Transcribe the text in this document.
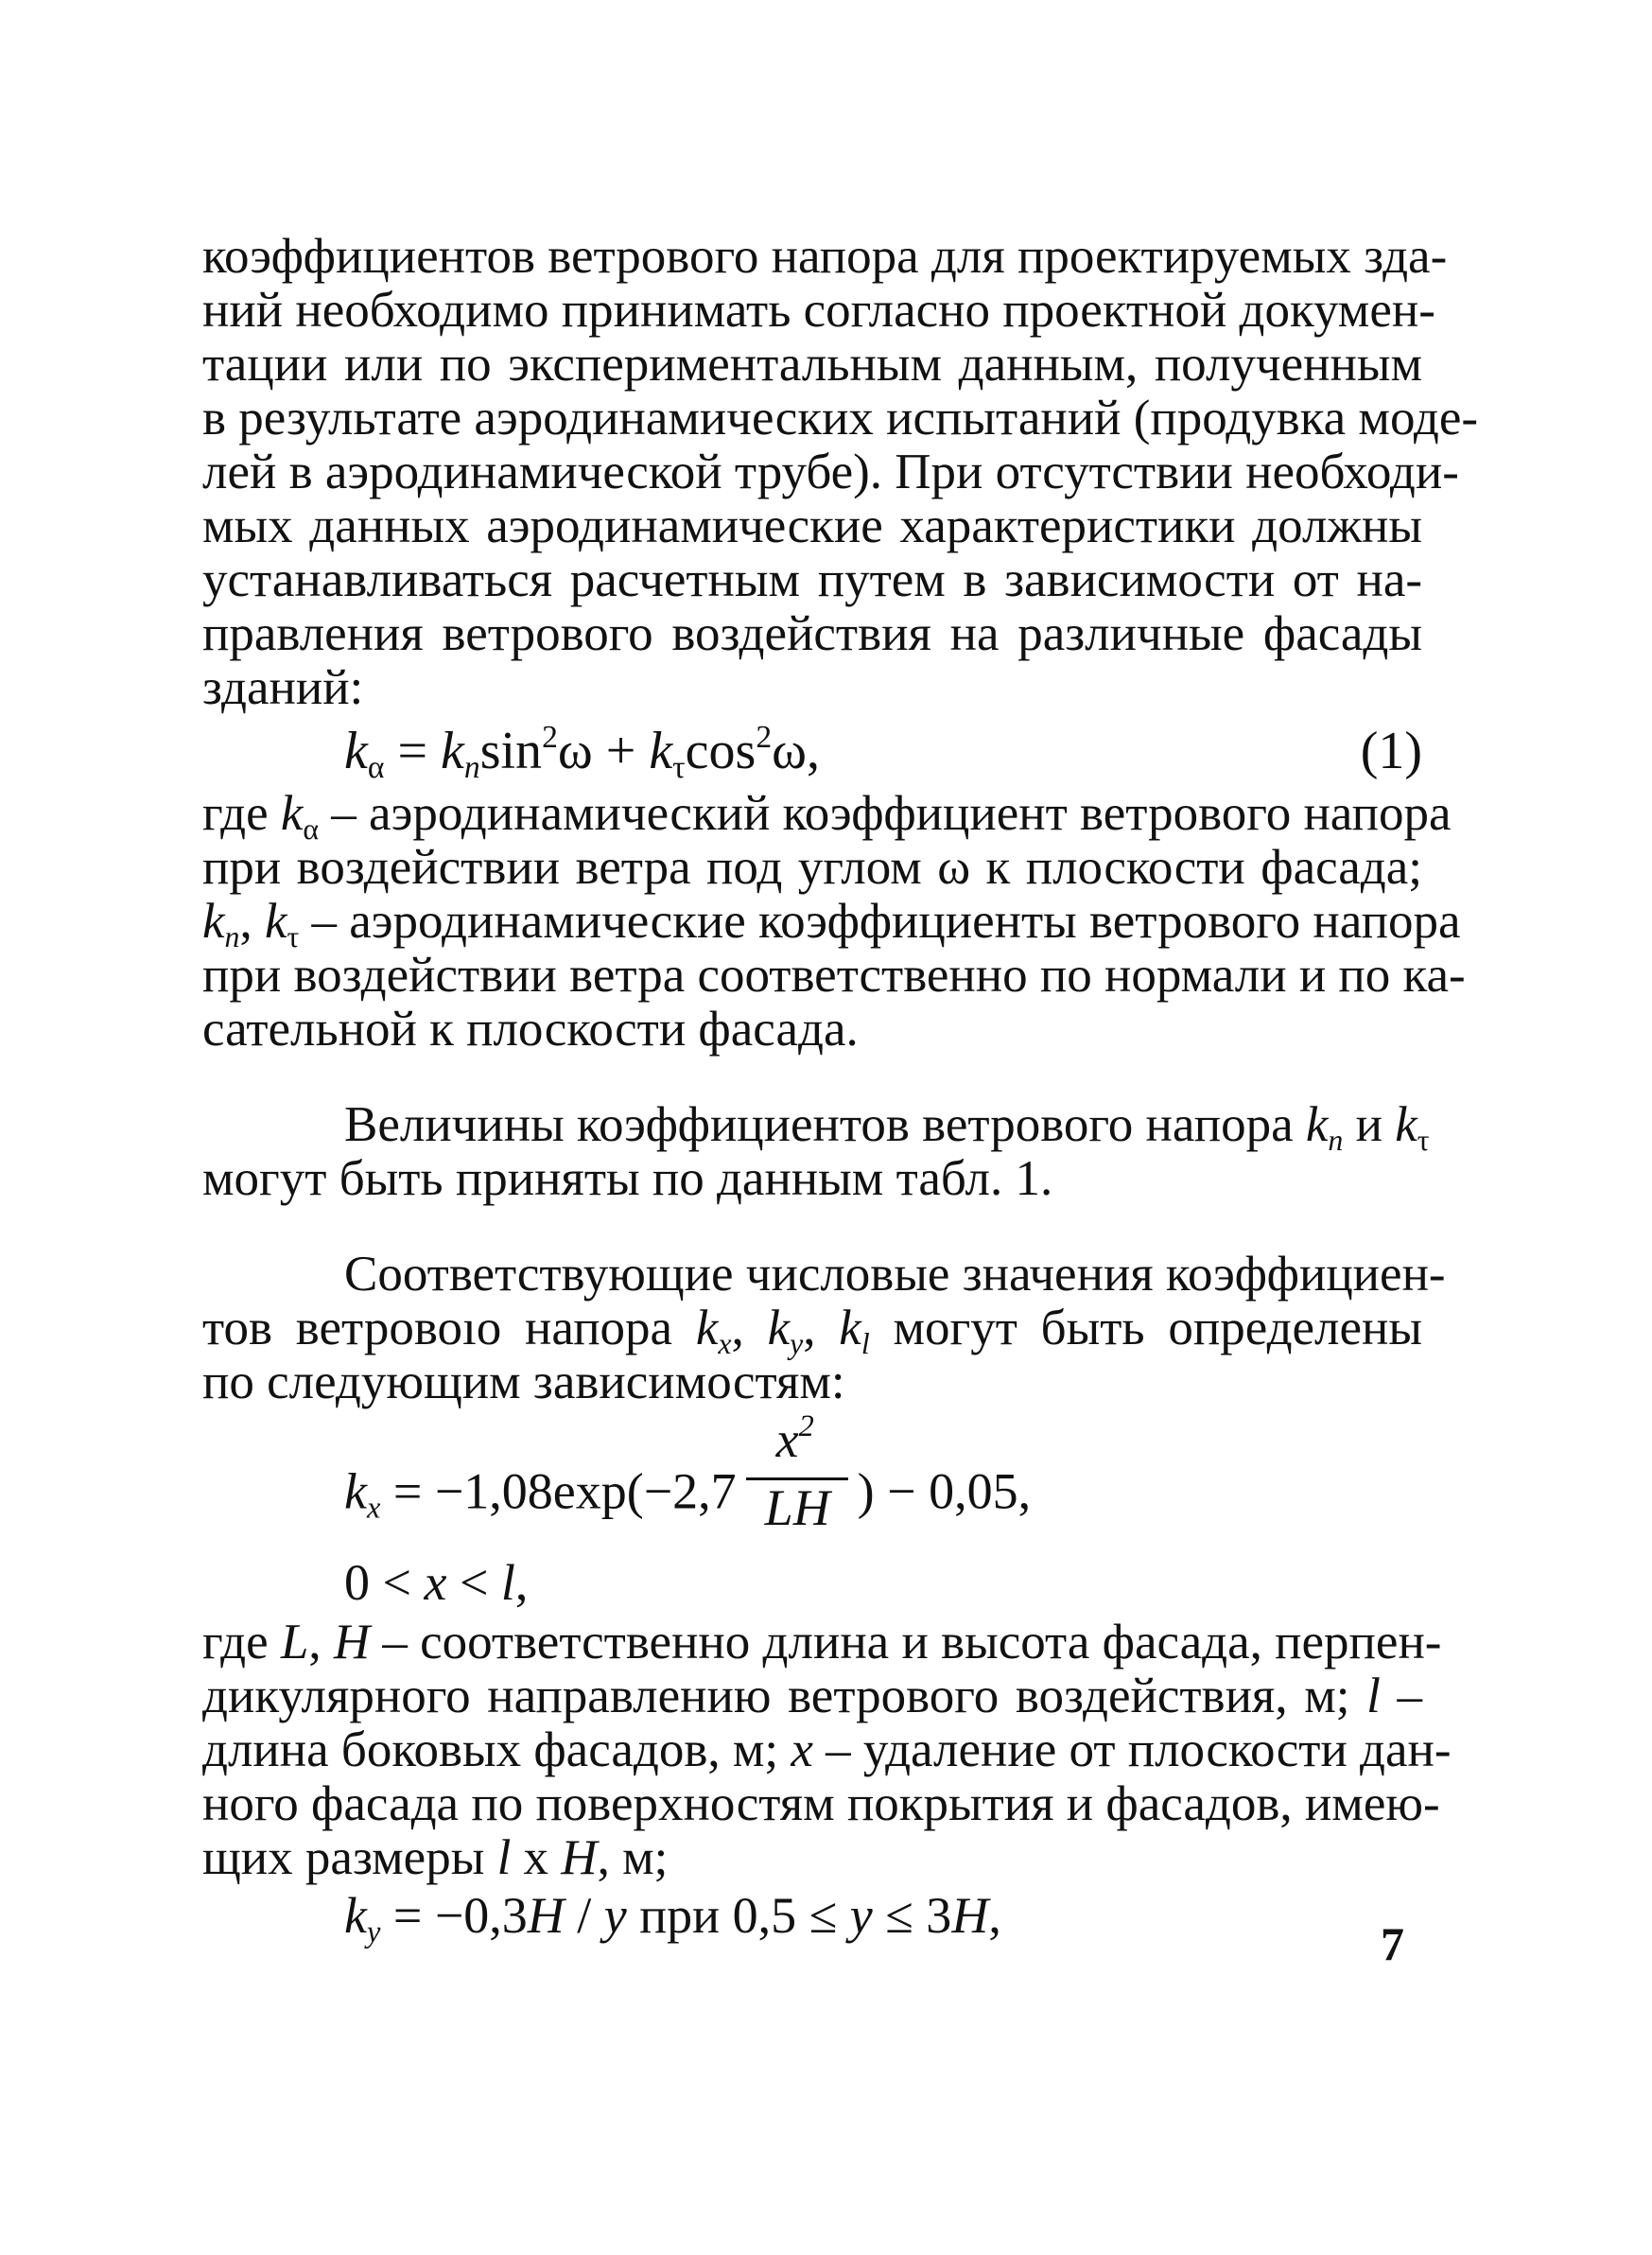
коэффициентов ветрового напора для проектируемых зда-
ний необходимо принимать согласно проектной докумен-
тации или по экспериментальным данным, полученным
в результате аэродинамических испытаний (продувка моде-
лей в аэродинамической трубе). При отсутствии необходи-
мых данных аэродинамические характеристики должны
устанавливаться расчетным путем в зависимости от на-
правления ветрового воздействия на различные фасады
зданий:
$k_\alpha = k_n\sin^2\omega + k_\tau\cos^2\omega$,	(1)
где $k_\alpha$ – аэродинамический коэффициент ветрового напора
при воздействии ветра под углом ω к плоскости фасада;
$k_n$, $k_\tau$ – аэродинамические коэффициенты ветрового напора
при воздействии ветра соответственно по нормали и по ка-
сательной к плоскости фасада.
Величины коэффициентов ветрового напора $k_n$ и $k_\tau$
могут быть приняты по данным табл. 1.
Соответствующие числовые значения коэффициен-
тов ветровоıо напора $k_x$, $k_y$, $k_l$ могут быть определены
по следующим зависимостям:
$k_x = -1,08\exp(-2,7 \frac{x^2}{LH}$ ) − 0,05,
0 < x < l,
где L, H – соответственно длина и высота фасада, перпен-
дикулярного направлению ветрового воздействия, м; l –
длина боковых фасадов, м; x – удаление от плоскости дан-
ного фасада по поверхностям покрытия и фасадов, имею-
щих размеры l x H, м;
$k_y = -0,3H / y$ при 0,5 ≤ y ≤ 3H,	7
